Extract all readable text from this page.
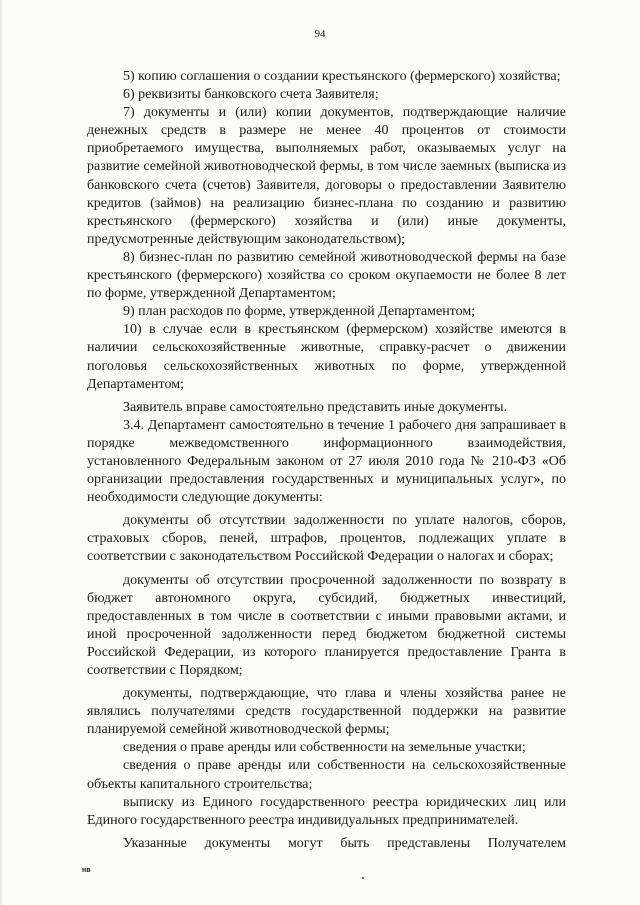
94

5) копию соглашения о создании крестьянского (фермерского) хозяйства;

6) реквизиты банковского счета Заявителя;

7) документы и (или) копии документов, подтверждающие наличие денежных средств в размере не менее 40 процентов от стоимости приобретаемого имущества, выполняемых работ, оказываемых услуг на развитие семейной животноводческой фермы, в том числе заемных (выписка из банковского счета (счетов) Заявителя, договоры о предоставлении Заявителю кредитов (займов) на реализацию бизнес-плана по созданию и развитию крестьянского (фермерского) хозяйства и (или) иные документы, предусмотренные действующим законодательством);

8) бизнес-план по развитию семейной животноводческой фермы на базе крестьянского (фермерского) хозяйства со сроком окупаемости не более 8 лет по форме, утвержденной Департаментом;

9) план расходов по форме, утвержденной Департаментом;

10) в случае если в крестьянском (фермерском) хозяйстве имеются в наличии сельскохозяйственные животные, справку-расчет о движении поголовья сельскохозяйственных животных по форме, утвержденной Департаментом;

Заявитель вправе самостоятельно представить иные документы.

3.4. Департамент самостоятельно в течение 1 рабочего дня запрашивает в порядке межведомственного информационного взаимодействия, установленного Федеральным законом от 27 июля 2010 года № 210-ФЗ «Об организации предоставления государственных и муниципальных услуг», по необходимости следующие документы:

документы об отсутствии задолженности по уплате налогов, сборов, страховых сборов, пеней, штрафов, процентов, подлежащих уплате в соответствии с законодательством Российской Федерации о налогах и сборах;

документы об отсутствии просроченной задолженности по возврату в бюджет автономного округа, субсидий, бюджетных инвестиций, предоставленных в том числе в соответствии с иными правовыми актами, и иной просроченной задолженности перед бюджетом бюджетной системы Российской Федерации, из которого планируется предоставление Гранта в соответствии с Порядком;

документы, подтверждающие, что глава и члены хозяйства ранее не являлись получателями средств государственной поддержки на развитие планируемой семейной животноводческой фермы;

сведения о праве аренды или собственности на земельные участки;

сведения о праве аренды или собственности на сельскохозяйственные объекты капитального строительства;

выписку из Единого государственного реестра юридических лиц или Единого государственного реестра индивидуальных предпринимателей.

Указанные документы могут быть представлены Получателем

нв
